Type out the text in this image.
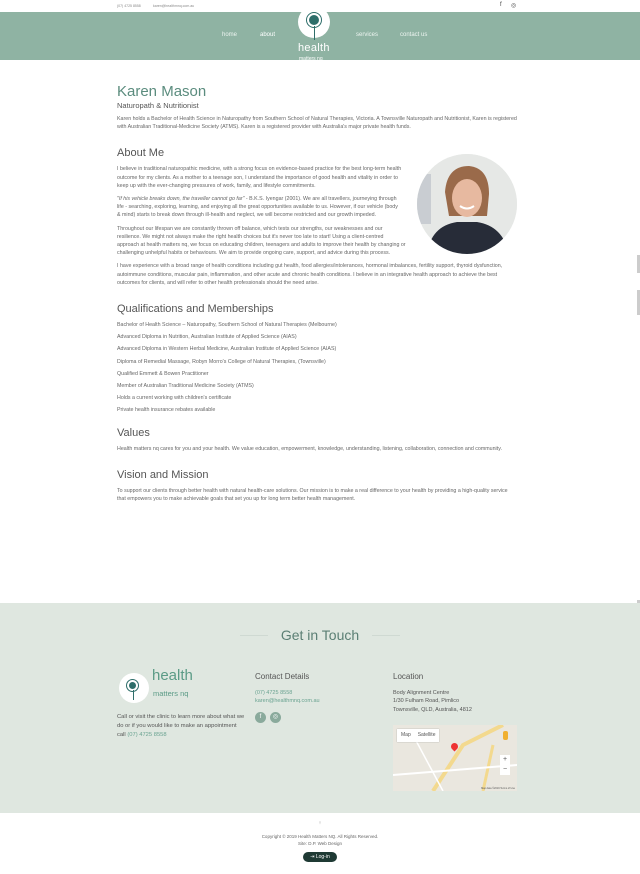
(07) 4725 8558	karen@healthmnq.com.au	f ◎
home	about
health
matters nq
services	contact us
Karen Mason
Naturopath & Nutritionist

Karen holds a Bachelor of Health Science in Naturopathy from Southern School of Natural Therapies, Victoria. A Townsville Naturopath and Nutritionist, Karen is registered with Australian Traditional-Medicine Society (ATMS). Karen is a registered provider with Australia's major private health funds.

About Me

I believe in traditional naturopathic medicine, with a strong focus on evidence-based practice for the best long-term health outcome for my clients. As a mother to a teenage son, I understand the importance of good health and vitality in order to keep up with the ever-changing pressures of work, family, and lifestyle commitments.

"If his vehicle breaks down, the traveller cannot go far" - B.K.S. Iyengar (2001). We are all travellers, journeying through life - searching, exploring, learning, and enjoying all the great opportunities available to us. However, if our vehicle (body & mind) starts to break down through ill-health and neglect, we will become restricted and our growth impeded.

Throughout our lifespan we are constantly thrown off balance, which tests our strengths, our weaknesses and our resilience. We might not always make the right health choices but it's never too late to start! Using a client-centred approach at health matters nq, we focus on educating children, teenagers and adults to improve their health by changing or challenging unhelpful habits or behaviours. We aim to provide ongoing care, support, and advice during this process.

I have experience with a broad range of health conditions including gut health, food allergies/intolerances, hormonal imbalances, fertility support, thyroid dysfunction, autoimmune conditions, muscular pain, inflammation, and other acute and chronic health conditions. I believe in an integrative health approach to achieve the best outcomes for clients, and will refer to other health professionals should the need arise.

Qualifications and Memberships
Bachelor of Health Science – Naturopathy, Southern School of Natural Therapies (Melbourne)
Advanced Diploma in Nutrition, Australian Institute of Applied Science (AIAS)
Advanced Diploma in Western Herbal Medicine, Australian Institute of Applied Science (AIAS)
Diploma of Remedial Massage, Robyn Morro's College of Natural Therapies, (Townsville)
Qualified Emmett & Bowen Practitioner
Member of Australian Traditional Medicine Society (ATMS)
Holds a current working with children's certificate
Private health insurance rebates available
Values

Health matters nq cares for you and your health. We value education, empowerment, knowledge, understanding, listening, collaboration, connection and community.

Vision and Mission

To support our clients through better health with natural health-care solutions. Our mission is to make a real difference to your health by providing a high-quality service that empowers you to make achievable goals that set you up for long term better health management.

Get in Touch
health
matters nq
Call or visit the clinic to learn more about what we do or if you would like to make an appointment call (07) 4725 8558
Contact Details
(07) 4725 8558
karen@healthmnq.com.au
f ◎
Location
Body Alignment Centre
1/30 Fulham Road, Pimlico
Townsville, QLD, Australia, 4812
Map Satellite
+
−
Map data ©2019 Terms of Use
↑
Copyright © 2019 Health Matters NQ. All Rights Reserved.
Site: D.P. Web Design
⇥ Log-in
